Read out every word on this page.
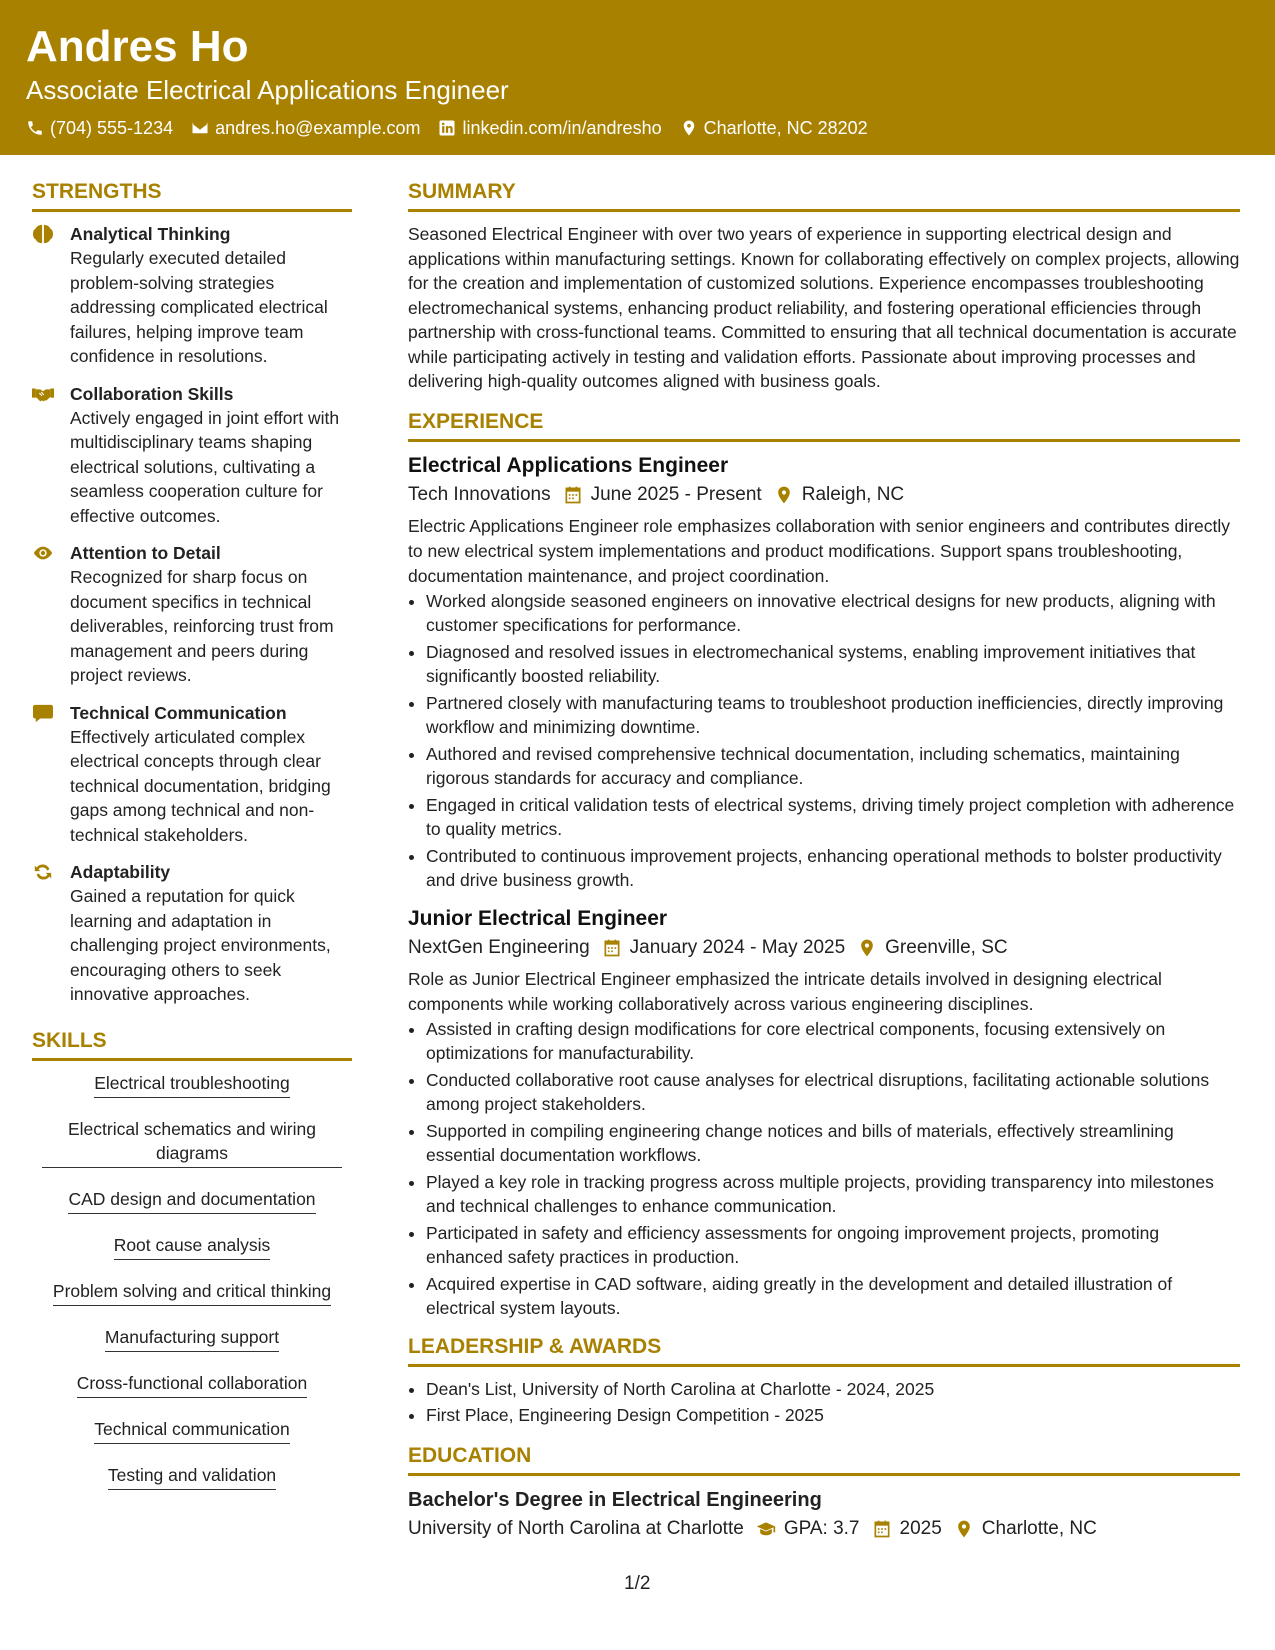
Andres Ho
Associate Electrical Applications Engineer
(704) 555-1234 andres.ho@example.com linkedin.com/in/andresho Charlotte, NC 28202
STRENGTHS
Analytical Thinking
Regularly executed detailed problem-solving strategies addressing complicated electrical failures, helping improve team confidence in resolutions.
Collaboration Skills
Actively engaged in joint effort with multidisciplinary teams shaping electrical solutions, cultivating a seamless cooperation culture for effective outcomes.
Attention to Detail
Recognized for sharp focus on document specifics in technical deliverables, reinforcing trust from management and peers during project reviews.
Technical Communication
Effectively articulated complex electrical concepts through clear technical documentation, bridging gaps among technical and non-technical stakeholders.
Adaptability
Gained a reputation for quick learning and adaptation in challenging project environments, encouraging others to seek innovative approaches.
SKILLS
Electrical troubleshooting
Electrical schematics and wiring diagrams
CAD design and documentation
Root cause analysis
Problem solving and critical thinking
Manufacturing support
Cross-functional collaboration
Technical communication
Testing and validation
SUMMARY
Seasoned Electrical Engineer with over two years of experience in supporting electrical design and applications within manufacturing settings. Known for collaborating effectively on complex projects, allowing for the creation and implementation of customized solutions. Experience encompasses troubleshooting electromechanical systems, enhancing product reliability, and fostering operational efficiencies through partnership with cross-functional teams. Committed to ensuring that all technical documentation is accurate while participating actively in testing and validation efforts. Passionate about improving processes and delivering high-quality outcomes aligned with business goals.
EXPERIENCE
Electrical Applications Engineer
Tech Innovations June 2025 - Present Raleigh, NC
Electric Applications Engineer role emphasizes collaboration with senior engineers and contributes directly to new electrical system implementations and product modifications. Support spans troubleshooting, documentation maintenance, and project coordination.
• Worked alongside seasoned engineers on innovative electrical designs for new products, aligning with customer specifications for performance.
• Diagnosed and resolved issues in electromechanical systems, enabling improvement initiatives that significantly boosted reliability.
• Partnered closely with manufacturing teams to troubleshoot production inefficiencies, directly improving workflow and minimizing downtime.
• Authored and revised comprehensive technical documentation, including schematics, maintaining rigorous standards for accuracy and compliance.
• Engaged in critical validation tests of electrical systems, driving timely project completion with adherence to quality metrics.
• Contributed to continuous improvement projects, enhancing operational methods to bolster productivity and drive business growth.
Junior Electrical Engineer
NextGen Engineering January 2024 - May 2025 Greenville, SC
Role as Junior Electrical Engineer emphasized the intricate details involved in designing electrical components while working collaboratively across various engineering disciplines.
• Assisted in crafting design modifications for core electrical components, focusing extensively on optimizations for manufacturability.
• Conducted collaborative root cause analyses for electrical disruptions, facilitating actionable solutions among project stakeholders.
• Supported in compiling engineering change notices and bills of materials, effectively streamlining essential documentation workflows.
• Played a key role in tracking progress across multiple projects, providing transparency into milestones and technical challenges to enhance communication.
• Participated in safety and efficiency assessments for ongoing improvement projects, promoting enhanced safety practices in production.
• Acquired expertise in CAD software, aiding greatly in the development and detailed illustration of electrical system layouts.
LEADERSHIP & AWARDS
• Dean's List, University of North Carolina at Charlotte - 2024, 2025
• First Place, Engineering Design Competition - 2025
EDUCATION
Bachelor's Degree in Electrical Engineering
University of North Carolina at Charlotte GPA: 3.7 2025 Charlotte, NC
1/2
